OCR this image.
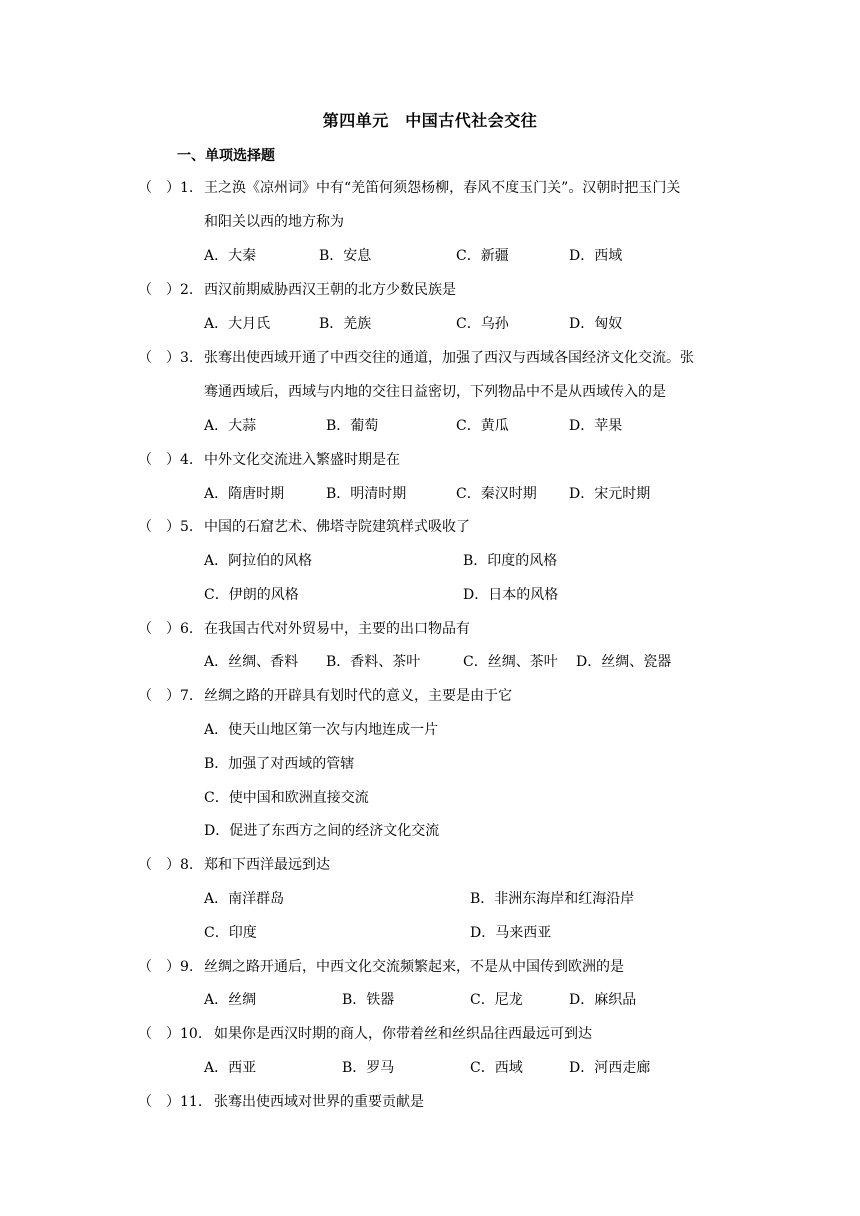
第四单元　中国古代社会交往
一、单项选择题
（　）1. 王之涣《凉州词》中有“羌笛何须怨杨柳，春风不度玉门关”。汉朝时把玉门关
和阳关以西的地方称为
A．大秦	B．安息	C．新疆	D．西域
（　）2. 西汉前期威胁西汉王朝的北方少数民族是
A．大月氏	B．羌族	C．乌孙	D．匈奴
（　）3. 张骞出使西域开通了中西交往的通道，加强了西汉与西域各国经济文化交流。张
骞通西域后，西域与内地的交往日益密切，下列物品中不是从西域传入的是
A．大蒜	B．葡萄	C．黄瓜	D．苹果
（　）4. 中外文化交流进入繁盛时期是在
A．隋唐时期	B．明清时期	C．秦汉时期 D．宋元时期
（　）5. 中国的石窟艺术、佛塔寺院建筑样式吸收了
A．阿拉伯的风格	B．印度的风格
C．伊朗的风格	D．日本的风格
（　）6. 在我国古代对外贸易中，主要的出口物品有
A．丝绸、香料 B．香料、茶叶	C．丝绸、茶叶 D．丝绸、瓷器
（　）7. 丝绸之路的开辟具有划时代的意义，主要是由于它
A．使天山地区第一次与内地连成一片
B．加强了对西域的管辖
C．使中国和欧洲直接交流
D．促进了东西方之间的经济文化交流
（　）8. 郑和下西洋最远到达
A．南洋群岛	B．非洲东海岸和红海沿岸
C．印度	D．马来西亚
（　）9. 丝绸之路开通后，中西文化交流频繁起来，不是从中国传到欧洲的是
A．丝绸	B．铁器	C．尼龙	D．麻织品
（　）10. 如果你是西汉时期的商人，你带着丝和丝织品往西最远可到达
A．西亚	B．罗马	C．西域	D．河西走廊
（　）11. 张骞出使西域对世界的重要贡献是
